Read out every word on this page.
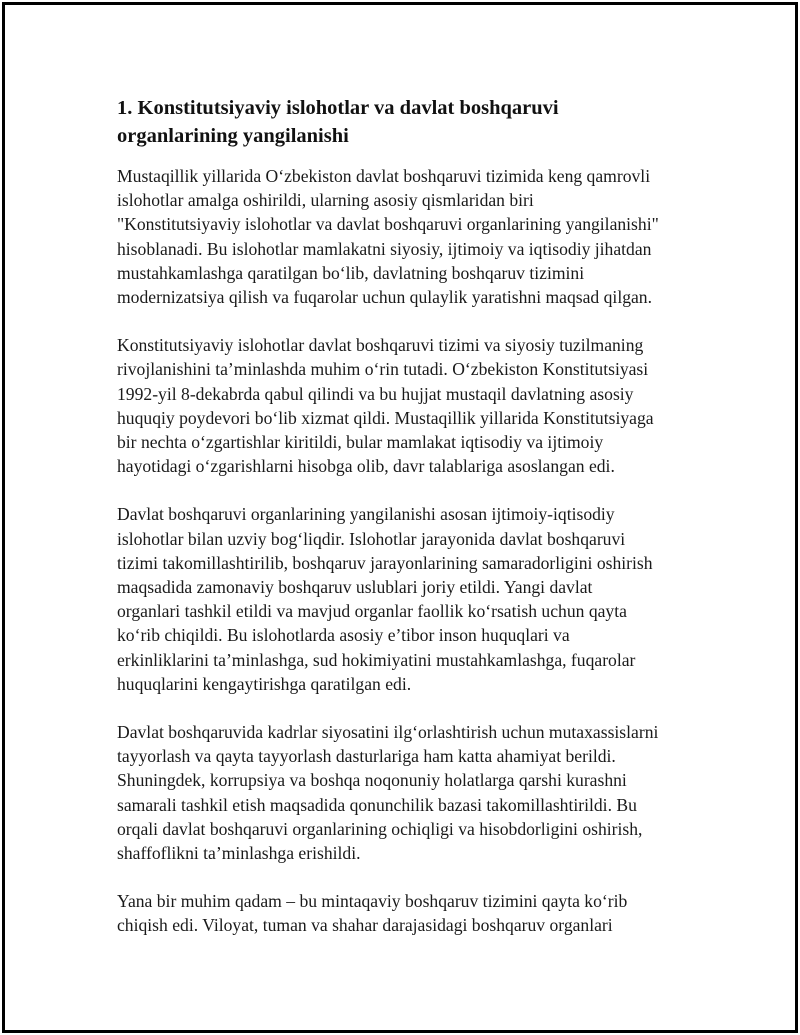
1. Konstitutsiyaviy islohotlar va davlat boshqaruvi
organlarining yangilanishi

Mustaqillik yillarida O‘zbekiston davlat boshqaruvi tizimida keng qamrovli
islohotlar amalga oshirildi, ularning asosiy qismlaridan biri
"Konstitutsiyaviy islohotlar va davlat boshqaruvi organlarining yangilanishi"
hisoblanadi. Bu islohotlar mamlakatni siyosiy, ijtimoiy va iqtisodiy jihatdan
mustahkamlashga qaratilgan bo‘lib, davlatning boshqaruv tizimini
modernizatsiya qilish va fuqarolar uchun qulaylik yaratishni maqsad qilgan.

Konstitutsiyaviy islohotlar davlat boshqaruvi tizimi va siyosiy tuzilmaning
rivojlanishini ta’minlashda muhim o‘rin tutadi. O‘zbekiston Konstitutsiyasi
1992-yil 8-dekabrda qabul qilindi va bu hujjat mustaqil davlatning asosiy
huquqiy poydevori bo‘lib xizmat qildi. Mustaqillik yillarida Konstitutsiyaga
bir nechta o‘zgartishlar kiritildi, bular mamlakat iqtisodiy va ijtimoiy
hayotidagi o‘zgarishlarni hisobga olib, davr talablariga asoslangan edi.

Davlat boshqaruvi organlarining yangilanishi asosan ijtimoiy-iqtisodiy
islohotlar bilan uzviy bog‘liqdir. Islohotlar jarayonida davlat boshqaruvi
tizimi takomillashtirilib, boshqaruv jarayonlarining samaradorligini oshirish
maqsadida zamonaviy boshqaruv uslublari joriy etildi. Yangi davlat
organlari tashkil etildi va mavjud organlar faollik ko‘rsatish uchun qayta
ko‘rib chiqildi. Bu islohotlarda asosiy e’tibor inson huquqlari va
erkinliklarini ta’minlashga, sud hokimiyatini mustahkamlashga, fuqarolar
huquqlarini kengaytirishga qaratilgan edi.

Davlat boshqaruvida kadrlar siyosatini ilg‘orlashtirish uchun mutaxassislarni
tayyorlash va qayta tayyorlash dasturlariga ham katta ahamiyat berildi.
Shuningdek, korrupsiya va boshqa noqonuniy holatlarga qarshi kurashni
samarali tashkil etish maqsadida qonunchilik bazasi takomillashtirildi. Bu
orqali davlat boshqaruvi organlarining ochiqligi va hisobdorligini oshirish,
shaffoflikni ta’minlashga erishildi.

Yana bir muhim qadam – bu mintaqaviy boshqaruv tizimini qayta ko‘rib
chiqish edi. Viloyat, tuman va shahar darajasidagi boshqaruv organlari
